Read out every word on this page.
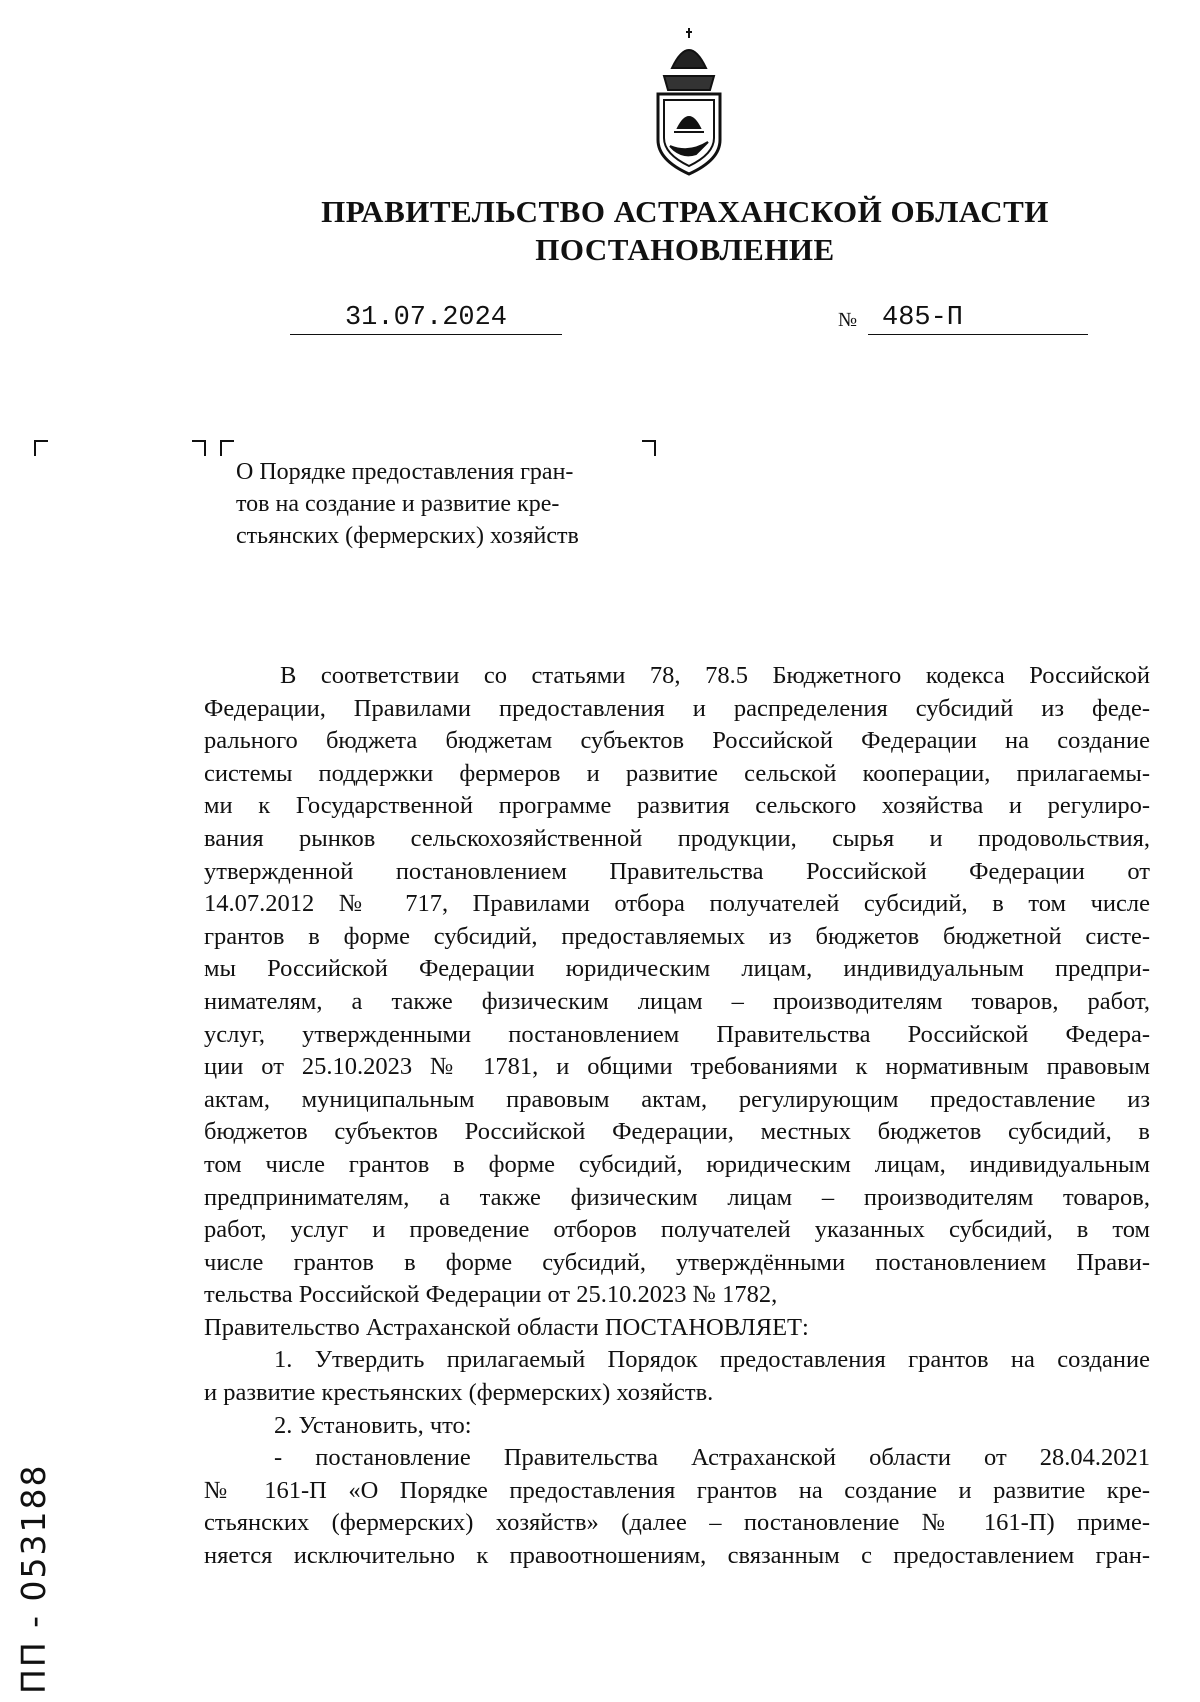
ПРАВИТЕЛЬСТВО АСТРАХАНСКОЙ ОБЛАСТИ

ПОСТАНОВЛЕНИЕ

31.07.2024	№ 485-П
О Порядке предоставления гран-
тов на создание и развитие кре-
стьянских (фермерских) хозяйств
В соответствии со статьями 78, 78.5 Бюджетного кодекса Российской
Федерации, Правилами предоставления и распределения субсидий из феде-
рального бюджета бюджетам субъектов Российской Федерации на создание
системы поддержки фермеров и развитие сельской кооперации, прилагаемы-
ми к Государственной программе развития сельского хозяйства и регулиро-
вания рынков сельскохозяйственной продукции, сырья и продовольствия,
утвержденной постановлением Правительства Российской Федерации от
14.07.2012 № 717, Правилами отбора получателей субсидий, в том числе
грантов в форме субсидий, предоставляемых из бюджетов бюджетной систе-
мы Российской Федерации юридическим лицам, индивидуальным предпри-
нимателям, а также физическим лицам – производителям товаров, работ,
услуг, утвержденными постановлением Правительства Российской Федера-
ции от 25.10.2023 № 1781, и общими требованиями к нормативным правовым
актам, муниципальным правовым актам, регулирующим предоставление из
бюджетов субъектов Российской Федерации, местных бюджетов субсидий, в
том числе грантов в форме субсидий, юридическим лицам, индивидуальным
предпринимателям, а также физическим лицам – производителям товаров,
работ, услуг и проведение отборов получателей указанных субсидий, в том
числе грантов в форме субсидий, утверждёнными постановлением Прави-
тельства Российской Федерации от 25.10.2023 № 1782,
Правительство Астраханской области ПОСТАНОВЛЯЕТ:
1. Утвердить прилагаемый Порядок предоставления грантов на создание
и развитие крестьянских (фермерских) хозяйств.
2. Установить, что:
- постановление Правительства Астраханской области от 28.04.2021
№ 161-П «О Порядке предоставления грантов на создание и развитие кре-
стьянских (фермерских) хозяйств» (далее – постановление № 161-П) приме-
няется исключительно к правоотношениям, связанным с предоставлением гран-
ПП - 053188
